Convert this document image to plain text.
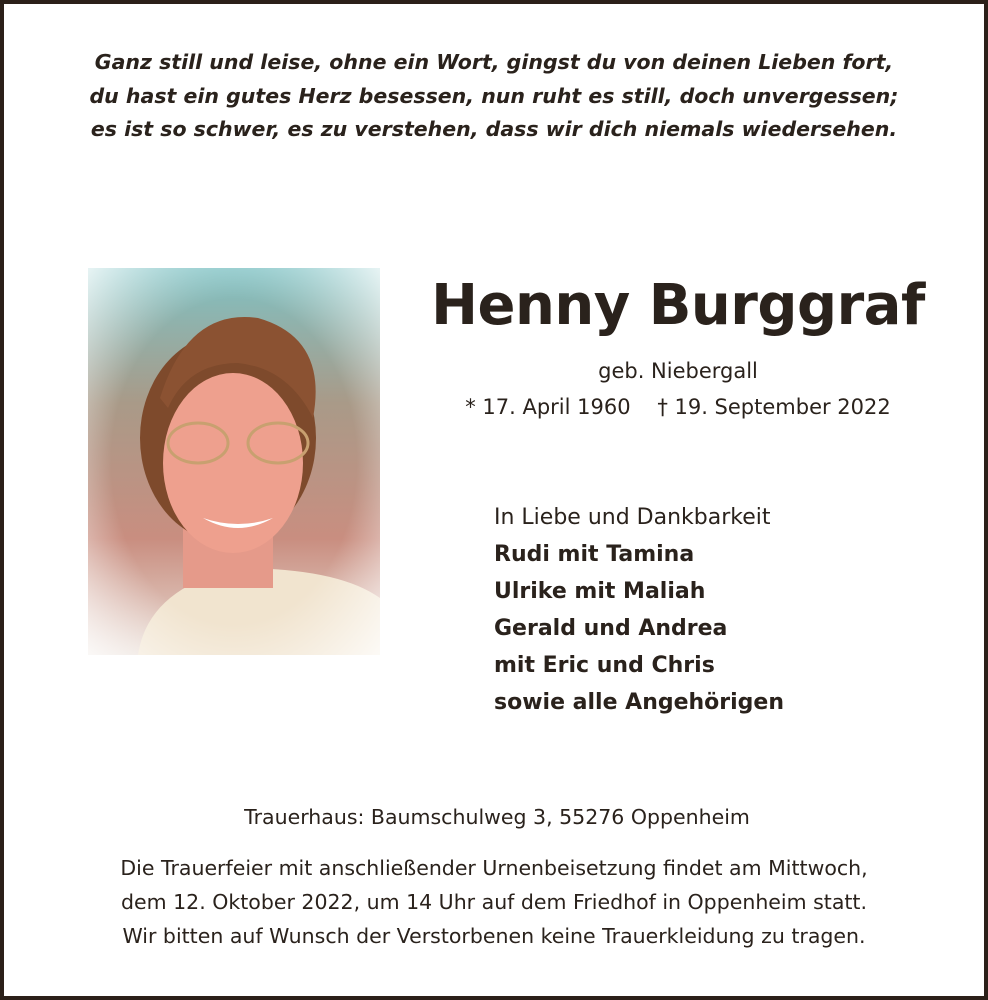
Ganz still und leise, ohne ein Wort, gingst du von deinen Lieben fort,
du hast ein gutes Herz besessen, nun ruht es still, doch unvergessen;
es ist so schwer, es zu verstehen, dass wir dich niemals wiedersehen.
Henny Burggraf
geb. Niebergall
* 17. April 1960 † 19. September 2022
In Liebe und Dankbarkeit
Rudi mit Tamina
Ulrike mit Maliah
Gerald und Andrea
mit Eric und Chris
sowie alle Angehörigen
Trauerhaus: Baumschulweg 3, 55276 Oppenheim
Die Trauerfeier mit anschließender Urnenbeisetzung findet am Mittwoch,
dem 12. Oktober 2022, um 14 Uhr auf dem Friedhof in Oppenheim statt.
Wir bitten auf Wunsch der Verstorbenen keine Trauerkleidung zu tragen.
